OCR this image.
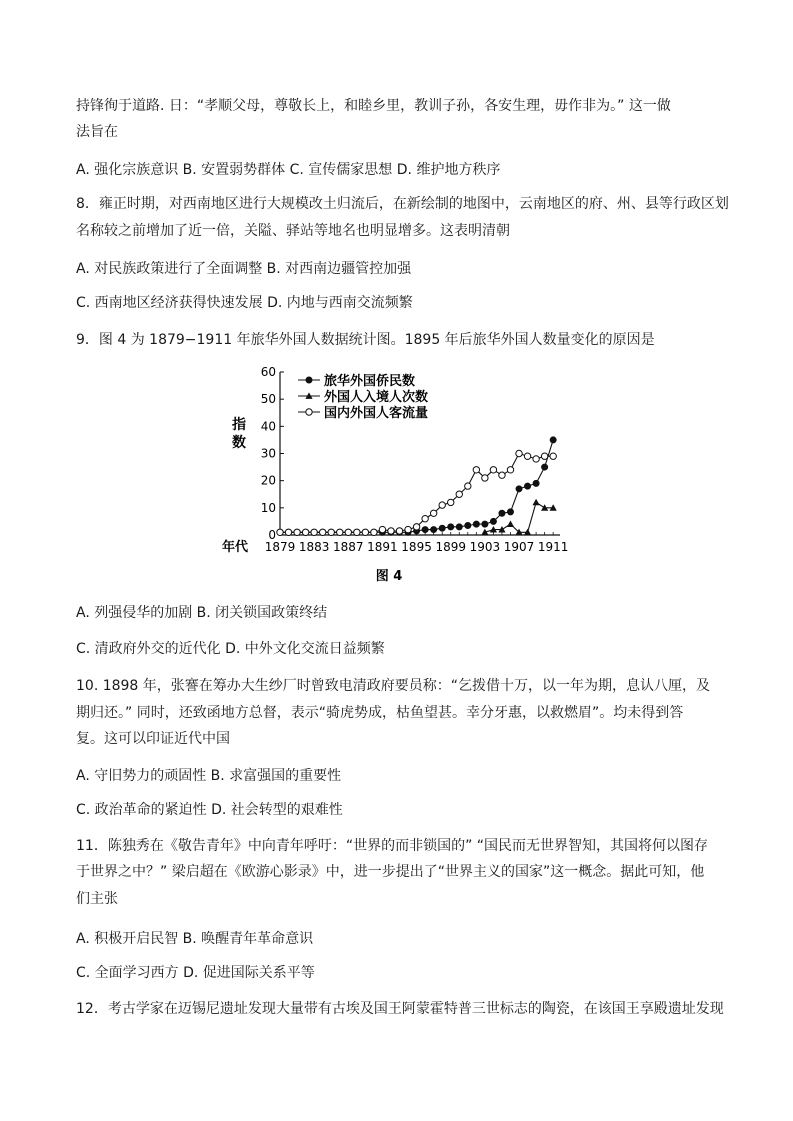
持锋徇于道路. 日：“孝顺父母，尊敬长上，和睦乡里，教训子孙，各安生理，毋作非为。” 这一做
法旨在
A. 强化宗族意识 B. 安置弱势群体 C. 宣传儒家思想 D. 维护地方秩序
8．雍正时期，对西南地区进行大规模改土归流后，在新绘制的地图中，云南地区的府、州、县等行政区划
名称较之前增加了近一倍，关隘、驿站等地名也明显增多。这表明清朝
A. 对民族政策进行了全面调整 B. 对西南边疆管控加强
C. 西南地区经济获得快速发展 D. 内地与西南交流频繁
9．图 4 为 1879−1911 年旅华外国人数据统计图。1895 年后旅华外国人数量变化的原因是
0
10
20
30
40
50
60
1879 1883 1887 1891 1895 1899 1903 1907 1911
指
数
年代
旅华外国侨民数
外国人入境人次数
国内外国人客流量
图 4
A. 列强侵华的加剧 B. 闭关锁国政策终结
C. 清政府外交的近代化 D. 中外文化交流日益频繁
10. 1898 年，张謇在筹办大生纱厂时曾致电清政府要员称：“乞拨借十万，以一年为期，息认八厘，及
期归还。” 同时，还致函地方总督，表示“骑虎势成，枯鱼望甚。幸分牙惠，以救燃眉”。均未得到答
复。这可以印证近代中国
A. 守旧势力的顽固性 B. 求富强国的重要性
C. 政治革命的紧迫性 D. 社会转型的艰难性
11．陈独秀在《敬告青年》中向青年呼吁：“世界的而非锁国的” “国民而无世界智知，其国将何以图存
于世界之中？” 梁启超在《欧游心影录》中，进一步提出了“世界主义的国家”这一概念。据此可知，他
们主张
A. 积极开启民智 B. 唤醒青年革命意识
C. 全面学习西方 D. 促进国际关系平等
12．考古学家在迈锡尼遗址发现大量带有古埃及国王阿蒙霍特普三世标志的陶瓷，在该国王享殿遗址发现
